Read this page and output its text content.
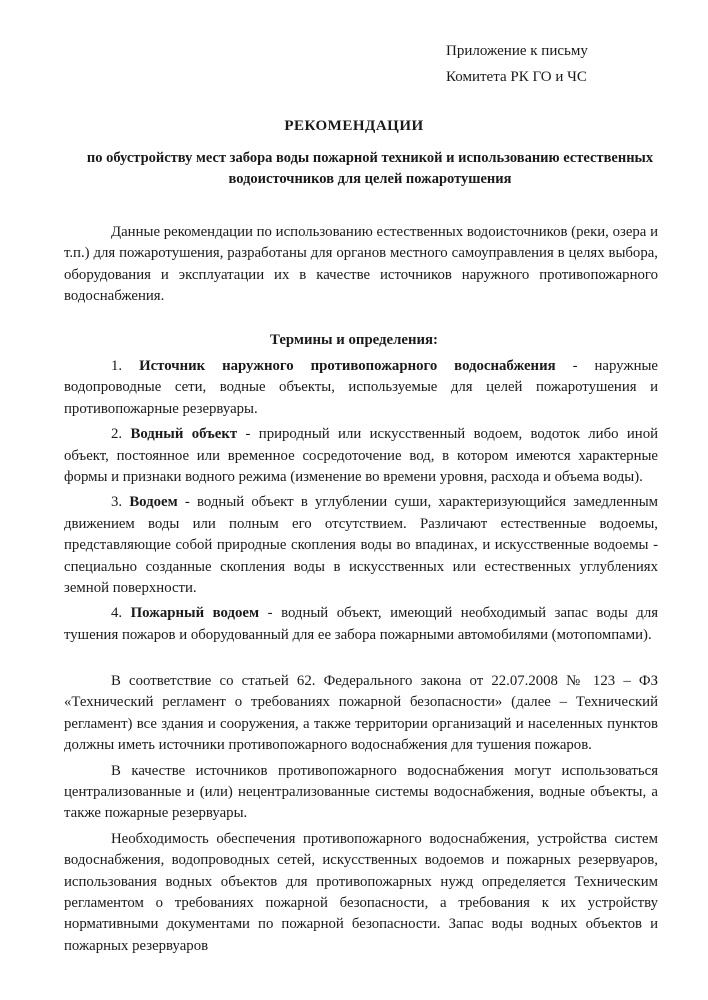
Приложение к письму
Комитета РК ГО и ЧС
РЕКОМЕНДАЦИИ
по обустройству мест забора воды пожарной техникой и использованию естественных водоисточников для целей пожаротушения

Данные рекомендации по использованию естественных водоисточников (реки, озера и т.п.) для пожаротушения, разработаны для органов местного самоуправления в целях выбора, оборудования и эксплуатации их в качестве источников наружного противопожарного водоснабжения.

Термины и определения:

1. Источник наружного противопожарного водоснабжения - наружные водопроводные сети, водные объекты, используемые для целей пожаротушения и противопожарные резервуары.

2. Водный объект - природный или искусственный водоем, водоток либо иной объект, постоянное или временное сосредоточение вод, в котором имеются характерные формы и признаки водного режима (изменение во времени уровня, расхода и объема воды).

3. Водоем - водный объект в углублении суши, характеризующийся замедленным движением воды или полным его отсутствием. Различают естественные водоемы, представляющие собой природные скопления воды во впадинах, и искусственные водоемы - специально созданные скопления воды в искусственных или естественных углублениях земной поверхности.

4. Пожарный водоем - водный объект, имеющий необходимый запас воды для тушения пожаров и оборудованный для ее забора пожарными автомобилями (мотопомпами).

В соответствие со статьей 62. Федерального закона от 22.07.2008 № 123 – ФЗ «Технический регламент о требованиях пожарной безопасности» (далее – Технический регламент) все здания и сооружения, а также территории организаций и населенных пунктов должны иметь источники противопожарного водоснабжения для тушения пожаров.

В качестве источников противопожарного водоснабжения могут использоваться централизованные и (или) нецентрализованные системы водоснабжения, водные объекты, а также пожарные резервуары.

Необходимость обеспечения противопожарного водоснабжения, устройства систем водоснабжения, водопроводных сетей, искусственных водоемов и пожарных резервуаров, использования водных объектов для противопожарных нужд определяется Техническим регламентом о требованиях пожарной безопасности, а требования к их устройству нормативными документами по пожарной безопасности. Запас воды водных объектов и пожарных резервуаров
